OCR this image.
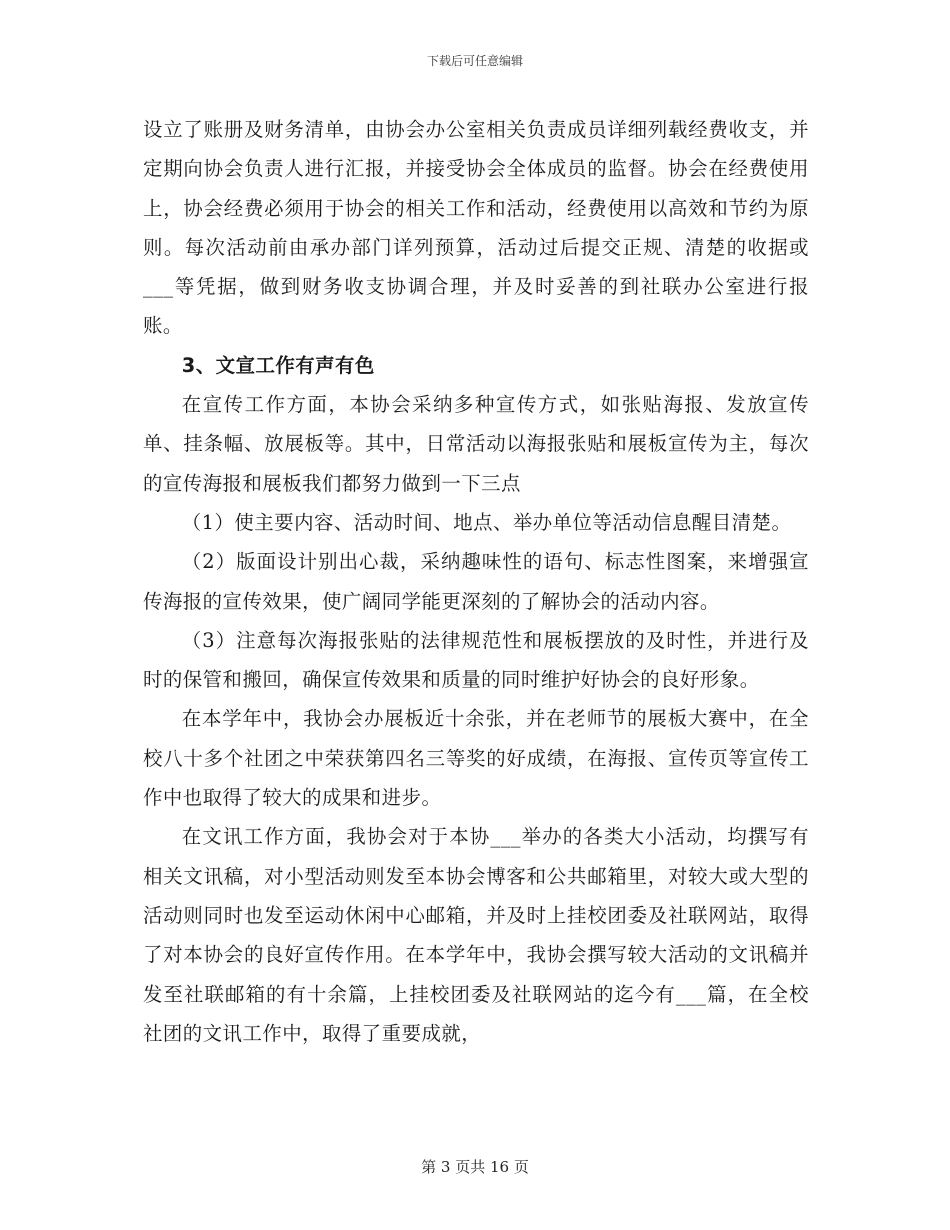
下载后可任意编辑

设立了账册及财务清单，由协会办公室相关负责成员详细列载经费收支，并定期向协会负责人进行汇报，并接受协会全体成员的监督。协会在经费使用上，协会经费必须用于协会的相关工作和活动，经费使用以高效和节约为原则。每次活动前由承办部门详列预算，活动过后提交正规、清楚的收据或___等凭据，做到财务收支协调合理，并及时妥善的到社联办公室进行报账。

3、文宣工作有声有色

在宣传工作方面，本协会采纳多种宣传方式，如张贴海报、发放宣传单、挂条幅、放展板等。其中，日常活动以海报张贴和展板宣传为主，每次的宣传海报和展板我们都努力做到一下三点

（1）使主要内容、活动时间、地点、举办单位等活动信息醒目清楚。

（2）版面设计别出心裁，采纳趣味性的语句、标志性图案，来增强宣传海报的宣传效果，使广阔同学能更深刻的了解协会的活动内容。

（3）注意每次海报张贴的法律规范性和展板摆放的及时性，并进行及时的保管和搬回，确保宣传效果和质量的同时维护好协会的良好形象。

在本学年中，我协会办展板近十余张，并在老师节的展板大赛中，在全校八十多个社团之中荣获第四名三等奖的好成绩，在海报、宣传页等宣传工作中也取得了较大的成果和进步。

在文讯工作方面，我协会对于本协___举办的各类大小活动，均撰写有相关文讯稿，对小型活动则发至本协会博客和公共邮箱里，对较大或大型的活动则同时也发至运动休闲中心邮箱，并及时上挂校团委及社联网站，取得了对本协会的良好宣传作用。在本学年中，我协会撰写较大活动的文讯稿并发至社联邮箱的有十余篇，上挂校团委及社联网站的迄今有___篇，在全校社团的文讯工作中，取得了重要成就，

第 3 页共 16 页
